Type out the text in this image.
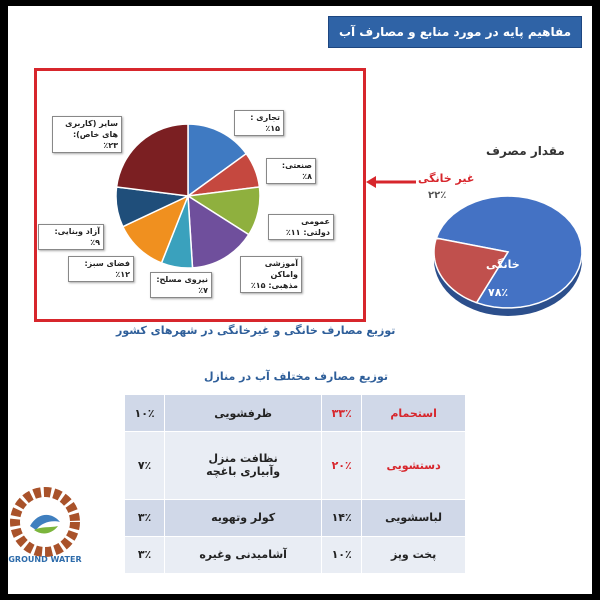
مفاهیم پایه در مورد منابع و مصارف آب
تجاری : ۱۵٪
صنعتی: ۸٪
عمومی دولتی: ۱۱٪
آموزشی واماکن مذهبی: ۱۵٪
نیروی مسلح: ۷٪
فضای سبز: ۱۲٪
آزاد وبنایی: ۹٪
سایر (کاربری های خاص): ۲۳٪
خانگی
۷۸٪
غیر خانگی
۲۲٪
مقدار مصرف
توزیع مصارف خانگی و غیرخانگی در شهرهای کشور
توزیع مصارف مختلف آب در منازل
استحمام	۳۳٪	ظرفشویی	۱۰٪
دستشویی	۲۰٪	نظافت منزل
وآبیاری باغچه	۷٪
لباسشویی	۱۴٪	کولر وتهویه	۳٪
پخت وپز	۱۰٪	آشامیدنی وغیره	۳٪
GROUND WATER
